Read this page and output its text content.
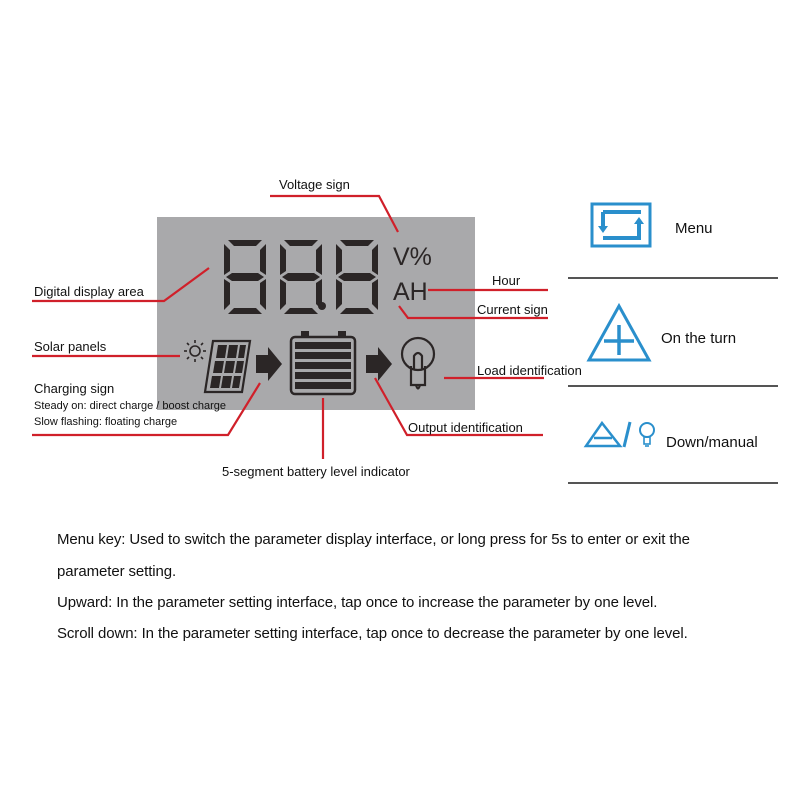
V%
AH
Voltage sign
Digital display area
Hour
Current sign
Solar panels
Load identification
Charging sign
Steady on: direct charge / boost charge
Slow flashing: floating charge	Output identification
5-segment battery level indicator
Menu
On the turn
Down/manual
Menu key: Used to switch the parameter display interface, or long press for 5s to enter or exit the
parameter setting.
Upward: In the parameter setting interface, tap once to increase the parameter by one level.
Scroll down: In the parameter setting interface, tap once to decrease the parameter by one level.
